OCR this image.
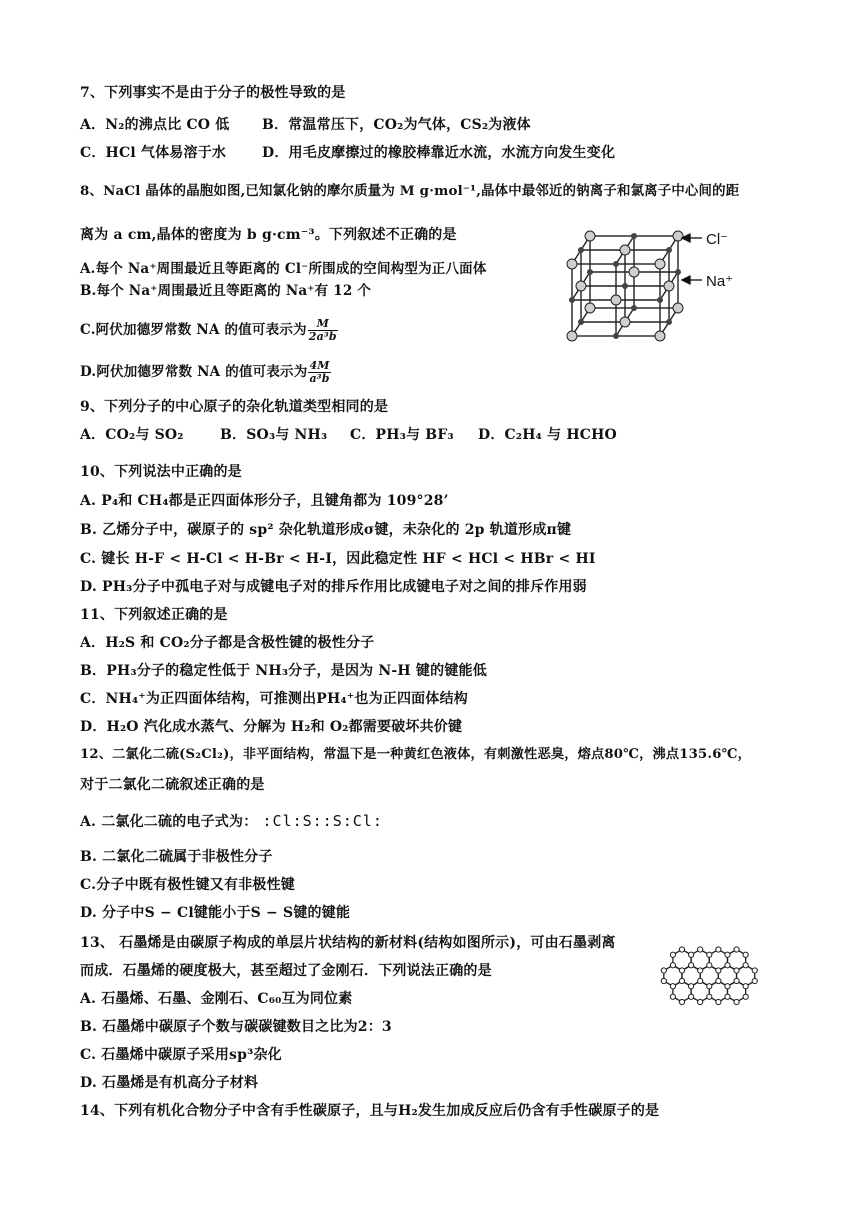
7、下列事实不是由于分子的极性导致的是
A．N₂的沸点比 CO 低 B．常温常压下，CO₂为气体，CS₂为液体
C．HCl 气体易溶于水	D．用毛皮摩擦过的橡胶棒靠近水流，水流方向发生变化
8、NaCl 晶体的晶胞如图,已知氯化钠的摩尔质量为 M g·mol⁻¹,晶体中最邻近的钠离子和氯离子中心间的距
离为 a cm,晶体的密度为 b g·cm⁻³。下列叙述不正确的是
A.每个 Na⁺周围最近且等距离的 Cl⁻所围成的空间构型为正八面体
B.每个 Na⁺周围最近且等距离的 Na⁺有 12 个
C.阿伏加德罗常数 NA 的值可表示为 $\frac{M}{\text{2a³b}}$
D.阿伏加德罗常数 NA 的值可表示为 $\frac{4M}{\text{a³b}}$
Cl⁻
Na⁺
9、下列分子的中心原子的杂化轨道类型相同的是
A．CO₂与 SO₂	B．SO₃与 NH₃ C．PH₃与 BF₃ D．C₂H₄ 与 HCHO
10、下列说法中正确的是
A. P₄和 CH₄都是正四面体形分子，且键角都为 109°28’
B. 乙烯分子中，碳原子的 sp² 杂化轨道形成σ键，未杂化的 2p 轨道形成π键
C. 键长 H-F < H-Cl < H-Br < H-I，因此稳定性 HF < HCl < HBr < HI
D. PH₃分子中孤电子对与成键电子对的排斥作用比成键电子对之间的排斥作用弱
11、下列叙述正确的是
A．H₂S 和 CO₂分子都是含极性键的极性分子
B．PH₃分子的稳定性低于 NH₃分子，是因为 N-H 键的键能低
C．NH₄⁺为正四面体结构，可推测出PH₄⁺也为正四面体结构
D．H₂O 汽化成水蒸气、分解为 H₂和 O₂都需要破坏共价键
12、二氯化二硫(S₂Cl₂)，非平面结构，常温下是一种黄红色液体，有刺激性恶臭，熔点80℃，沸点135.6℃，
对于二氯化二硫叙述正确的是
A. 二氯化二硫的电子式为： :Cl:S::S:Cl:
B. 二氯化二硫属于非极性分子
C.分子中既有极性键又有非极性键
D. 分子中S − Cl键能小于S − S键的键能
13、 石墨烯是由碳原子构成的单层片状结构的新材料(结构如图所示)，可由石墨剥离
而成．石墨烯的硬度极大，甚至超过了金刚石．下列说法正确的是
A. 石墨烯、石墨、金刚石、C₆₀互为同位素
B. 石墨烯中碳原子个数与碳碳键数目之比为2：3
C. 石墨烯中碳原子采用sp³杂化
D. 石墨烯是有机高分子材料
14、下列有机化合物分子中含有手性碳原子，且与H₂发生加成反应后仍含有手性碳原子的是
